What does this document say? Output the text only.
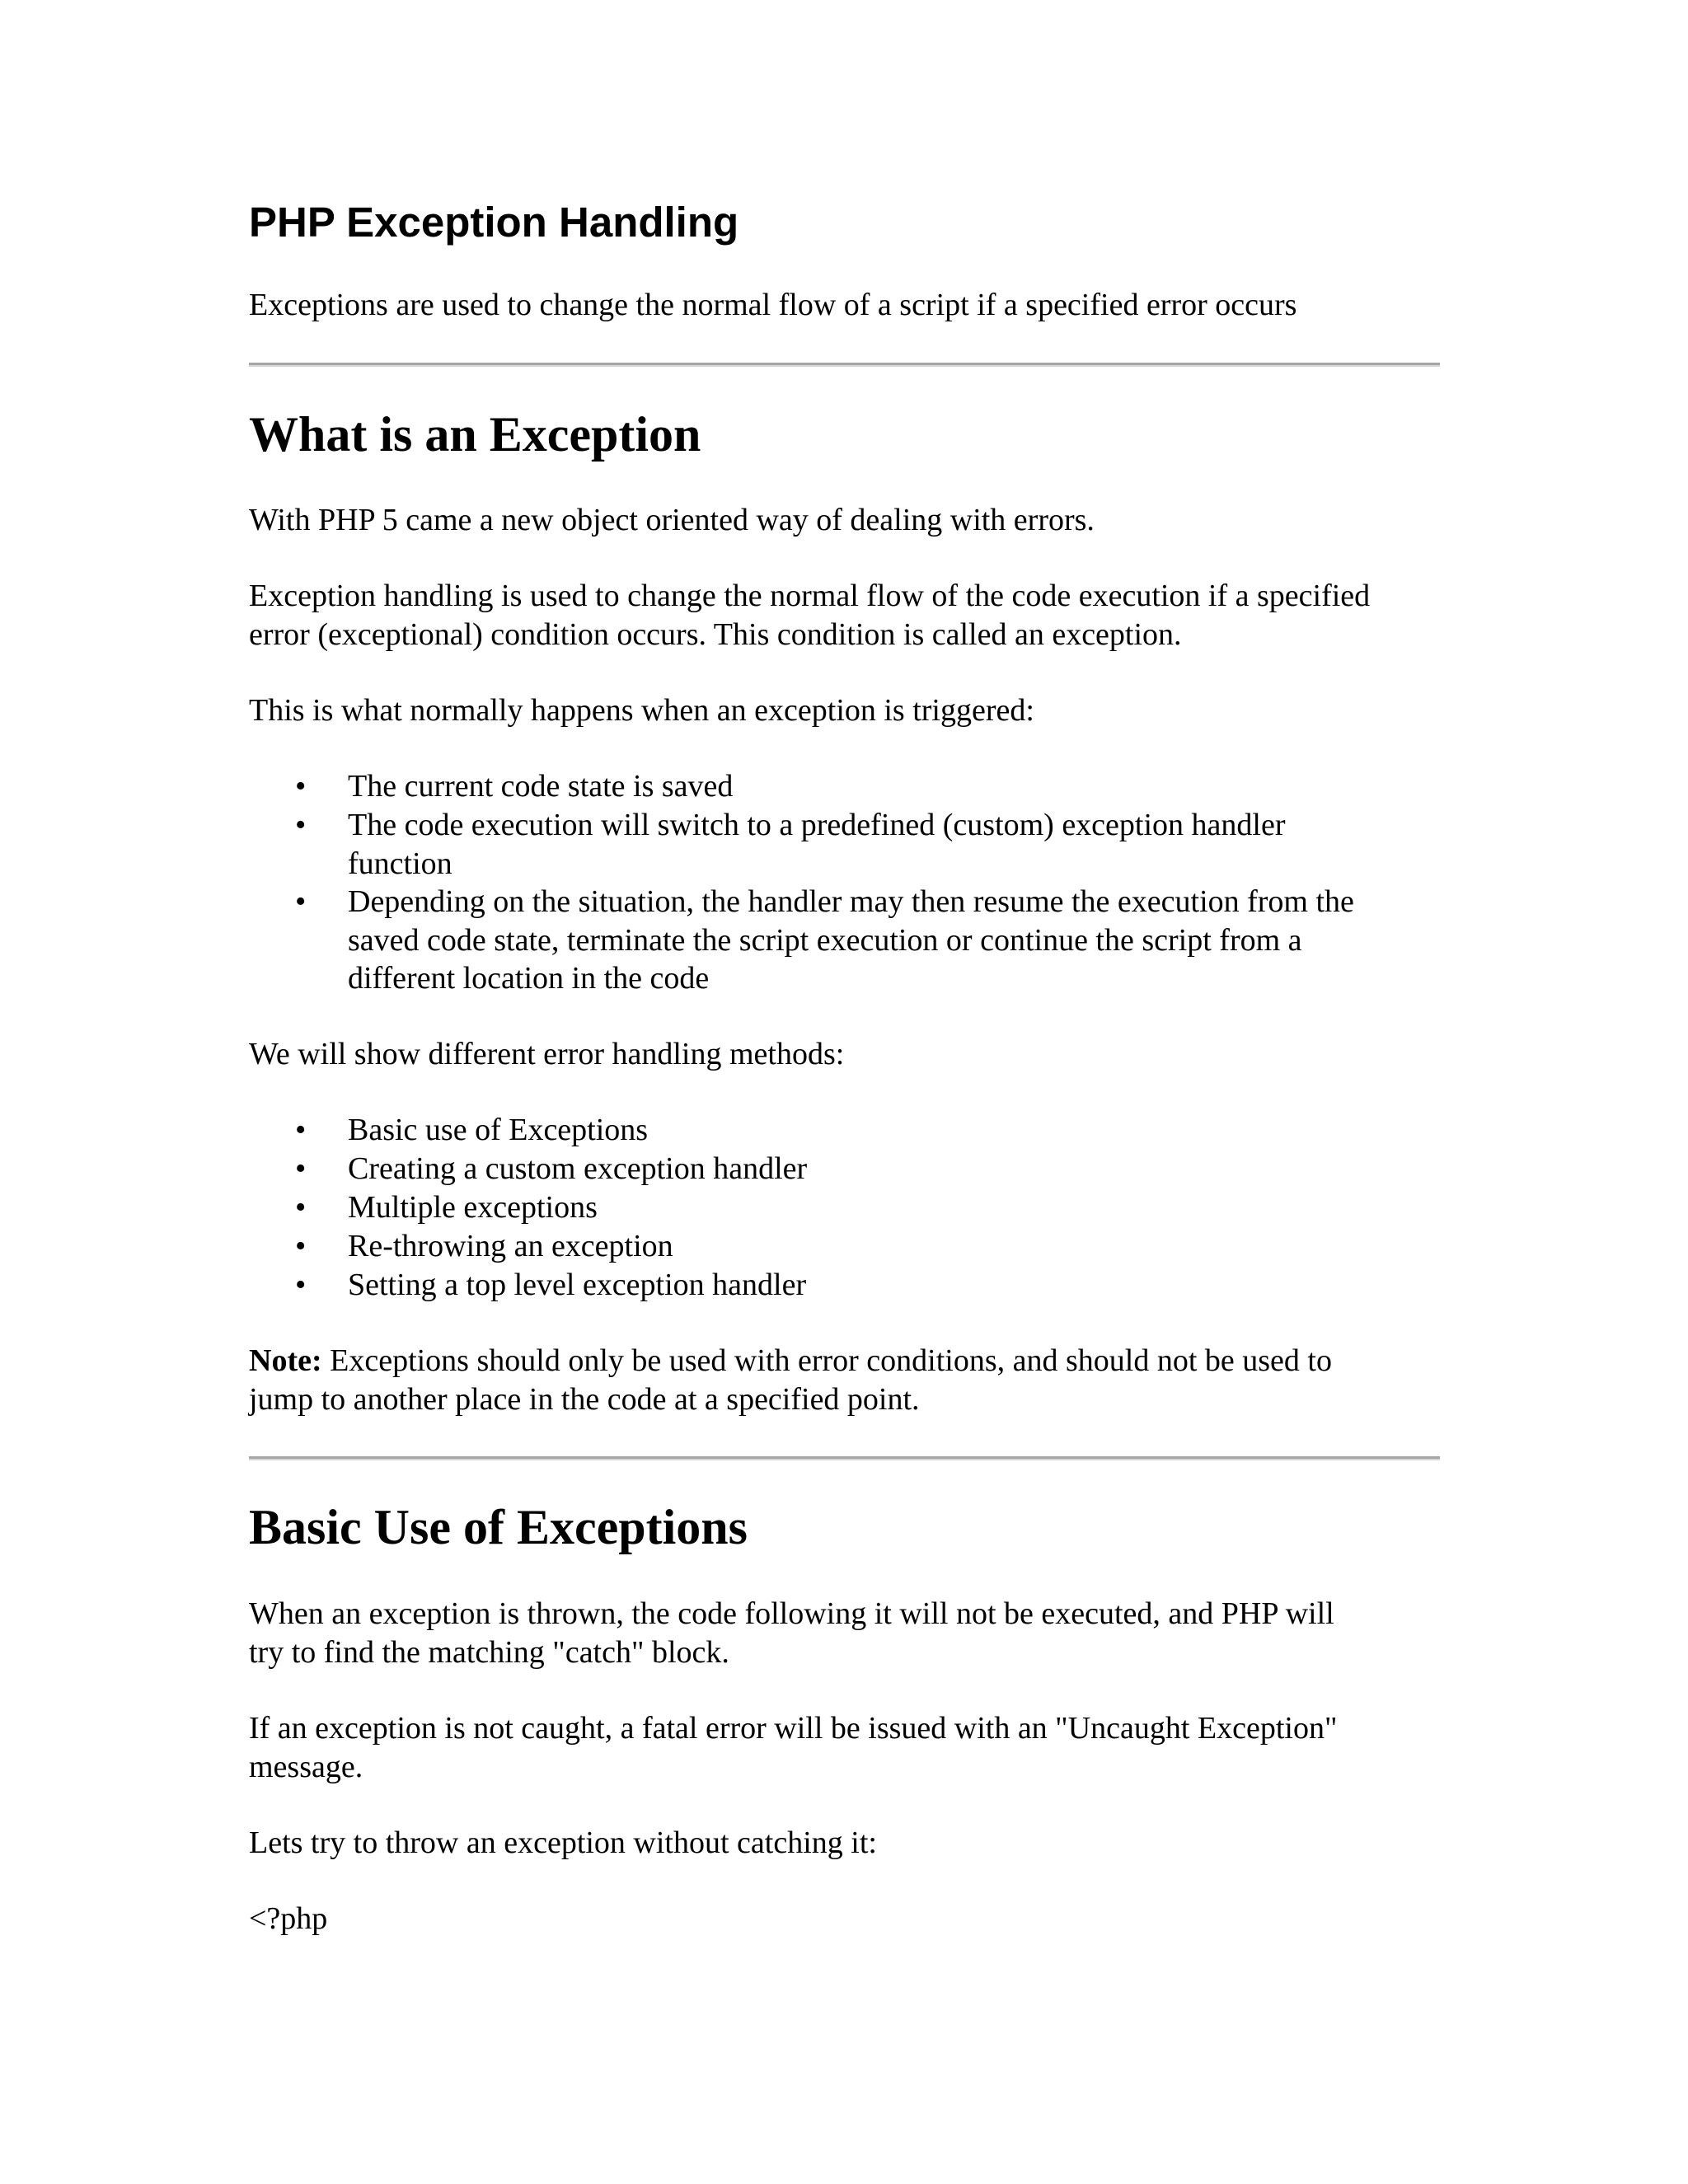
PHP Exception Handling

Exceptions are used to change the normal flow of a script if a specified error occurs

What is an Exception

With PHP 5 came a new object oriented way of dealing with errors.

Exception handling is used to change the normal flow of the code execution if a specified

error (exceptional) condition occurs. This condition is called an exception.

This is what normally happens when an exception is triggered:

• The current code state is saved
• The code execution will switch to a predefined (custom) exception handler
function
• Depending on the situation, the handler may then resume the execution from the
saved code state, terminate the script execution or continue the script from a
different location in the code

We will show different error handling methods:

• Basic use of Exceptions
• Creating a custom exception handler
• Multiple exceptions
• Re-throwing an exception
• Setting a top level exception handler

Note: Exceptions should only be used with error conditions, and should not be used to

jump to another place in the code at a specified point.

Basic Use of Exceptions

When an exception is thrown, the code following it will not be executed, and PHP will

try to find the matching "catch" block.

If an exception is not caught, a fatal error will be issued with an "Uncaught Exception"

message.

Lets try to throw an exception without catching it:

<?php
